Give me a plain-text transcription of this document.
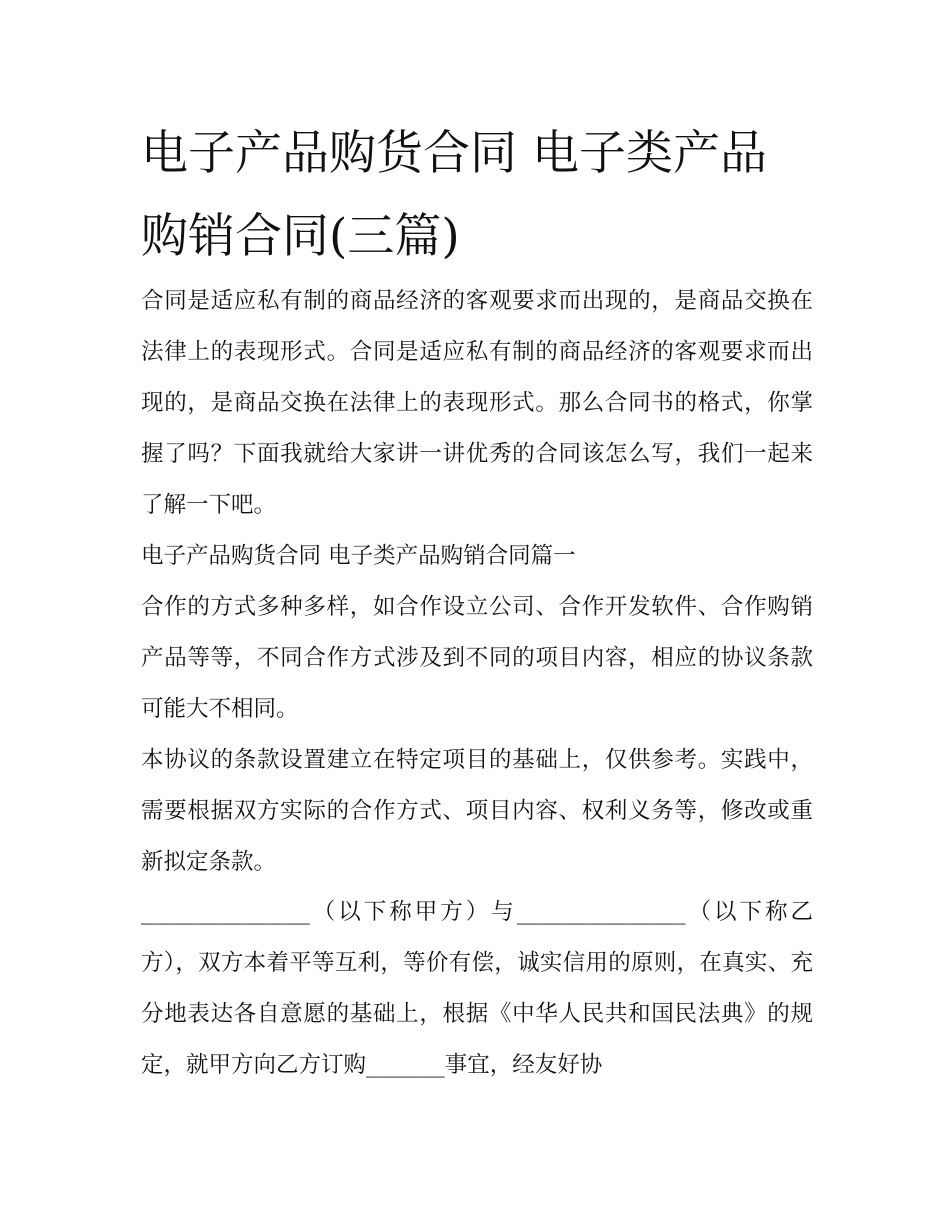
电子产品购货合同 电子类产品购销合同(三篇)

合同是适应私有制的商品经济的客观要求而出现的，是商品交换在法律上的表现形式。合同是适应私有制的商品经济的客观要求而出现的，是商品交换在法律上的表现形式。那么合同书的格式，你掌握了吗？下面我就给大家讲一讲优秀的合同该怎么写，我们一起来了解一下吧。

电子产品购货合同 电子类产品购销合同篇一

合作的方式多种多样，如合作设立公司、合作开发软件、合作购销产品等等，不同合作方式涉及到不同的项目内容，相应的协议条款可能大不相同。

本协议的条款设置建立在特定项目的基础上，仅供参考。实践中，需要根据双方实际的合作方式、项目内容、权利义务等，修改或重新拟定条款。

_______________（以下称甲方）与_______________（以下称乙方），双方本着平等互利，等价有偿，诚实信用的原则，在真实、充分地表达各自意愿的基础上，根据《中华人民共和国民法典》的规定，就甲方向乙方订购_______事宜，经友好协
